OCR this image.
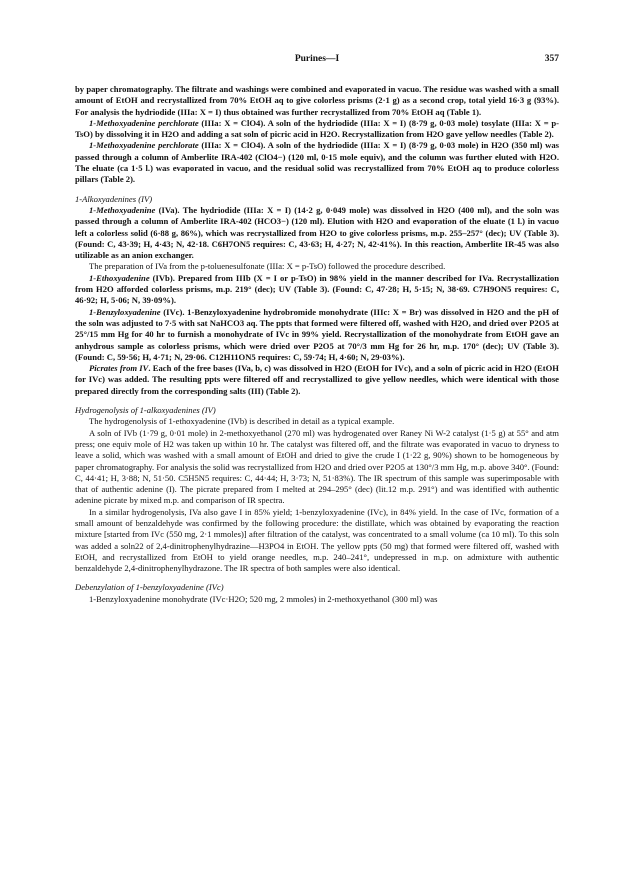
Purines—I	357

by paper chromatography. The filtrate and washings were combined and evaporated in vacuo. The residue was washed with a small amount of EtOH and recrystallized from 70% EtOH aq to give colorless prisms (2·1 g) as a second crop, total yield 16·3 g (93%). For analysis the hydriodide (IIIa: X = I) thus obtained was further recrystallized from 70% EtOH aq (Table 1).

1-Methoxyadenine perchlorate (IIIa: X = ClO4). A soln of the hydriodide (IIIa: X = I) (8·79 g, 0·03 mole) tosylate (IIIa: X = p-TsO) by dissolving it in H2O and adding a sat soln of picric acid in H2O. Recrystallization from H2O gave yellow needles (Table 2).

1-Methoxyadenine perchlorate (IIIa: X = ClO4). A soln of the hydriodide (IIIa: X = I) (8·79 g, 0·03 mole) in H2O (350 ml) was passed through a column of Amberlite IRA-402 (ClO4−) (120 ml, 0·15 mole equiv), and the column was further eluted with H2O. The eluate (ca 1·5 l.) was evaporated in vacuo, and the residual solid was recrystallized from 70% EtOH aq to produce colorless pillars (Table 2).

1-Alkoxyadenines (IV)

1-Methoxyadenine (IVa). The hydriodide (IIIa: X = I) (14·2 g, 0·049 mole) was dissolved in H2O (400 ml), and the soln was passed through a column of Amberlite IRA-402 (HCO3−) (120 ml). Elution with H2O and evaporation of the eluate (1 l.) in vacuo left a colorless solid (6·88 g, 86%), which was recrystallized from H2O to give colorless prisms, m.p. 255–257° (dec); UV (Table 3). (Found: C, 43·39; H, 4·43; N, 42·18. C6H7ON5 requires: C, 43·63; H, 4·27; N, 42·41%). In this reaction, Amberlite IR-45 was also utilizable as an anion exchanger.

The preparation of IVa from the p-toluenesulfonate (IIIa: X = p-TsO) followed the procedure described.

1-Ethoxyadenine (IVb). Prepared from IIIb (X = I or p-TsO) in 98% yield in the manner described for IVa. Recrystallization from H2O afforded colorless prisms, m.p. 219° (dec); UV (Table 3). (Found: C, 47·28; H, 5·15; N, 38·69. C7H9ON5 requires: C, 46·92; H, 5·06; N, 39·09%).

1-Benzyloxyadenine (IVc). 1-Benzyloxyadenine hydrobromide monohydrate (IIIc: X = Br) was dissolved in H2O and the pH of the soln was adjusted to 7·5 with sat NaHCO3 aq. The ppts that formed were filtered off, washed with H2O, and dried over P2O5 at 25°/15 mm Hg for 40 hr to furnish a monohydrate of IVc in 99% yield. Recrystallization of the monohydrate from EtOH gave an anhydrous sample as colorless prisms, which were dried over P2O5 at 70°/3 mm Hg for 26 hr, m.p. 170° (dec); UV (Table 3). (Found: C, 59·56; H, 4·71; N, 29·06. C12H11ON5 requires: C, 59·74; H, 4·60; N, 29·03%).

Picrates from IV. Each of the free bases (IVa, b, c) was dissolved in H2O (EtOH for IVc), and a soln of picric acid in H2O (EtOH for IVc) was added. The resulting ppts were filtered off and recrystallized to give yellow needles, which were identical with those prepared directly from the corresponding salts (III) (Table 2).

Hydrogenolysis of 1-alkoxyadenines (IV)

The hydrogenolysis of 1-ethoxyadenine (IVb) is described in detail as a typical example.

A soln of IVb (1·79 g, 0·01 mole) in 2-methoxyethanol (270 ml) was hydrogenated over Raney Ni W-2 catalyst (1·5 g) at 55° and atm press; one equiv mole of H2 was taken up within 10 hr. The catalyst was filtered off, and the filtrate was evaporated in vacuo to dryness to leave a solid, which was washed with a small amount of EtOH and dried to give the crude I (1·22 g, 90%) shown to be homogeneous by paper chromatography. For analysis the solid was recrystallized from H2O and dried over P2O5 at 130°/3 mm Hg, m.p. above 340°. (Found: C, 44·41; H, 3·88; N, 51·50. C5H5N5 requires: C, 44·44; H, 3·73; N, 51·83%). The IR spectrum of this sample was superimposable with that of authentic adenine (I). The picrate prepared from I melted at 294–295° (dec) (lit.12 m.p. 291°) and was identified with authentic adenine picrate by mixed m.p. and comparison of IR spectra.

In a similar hydrogenolysis, IVa also gave I in 85% yield; 1-benzyloxyadenine (IVc), in 84% yield. In the case of IVc, formation of a small amount of benzaldehyde was confirmed by the following procedure: the distillate, which was obtained by evaporating the reaction mixture [started from IVc (550 mg, 2·1 mmoles)] after filtration of the catalyst, was concentrated to a small volume (ca 10 ml). To this soln was added a soln22 of 2,4-dinitrophenylhydrazine—H3PO4 in EtOH. The yellow ppts (50 mg) that formed were filtered off, washed with EtOH, and recrystallized from EtOH to yield orange needles, m.p. 240–241°, undepressed in m.p. on admixture with authentic benzaldehyde 2,4-dinitrophenylhydrazone. The IR spectra of both samples were also identical.

Debenzylation of 1-benzyloxyadenine (IVc)

1-Benzyloxyadenine monohydrate (IVc·H2O; 520 mg, 2 mmoles) in 2-methoxyethanol (300 ml) was
